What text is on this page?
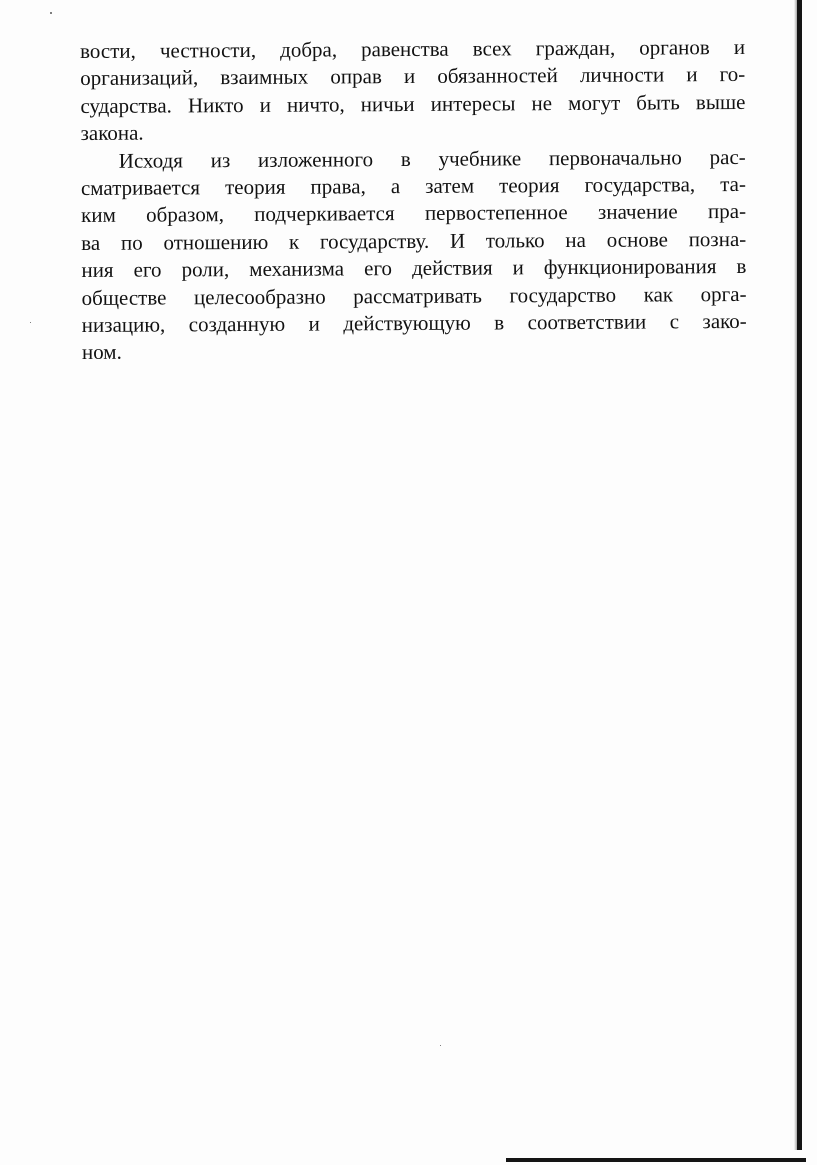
вости, честности, добра, равенства всех граждан, органов и
организаций, взаимных оправ и обязанностей личности и го-
сударства. Никто и ничто, ничьи интересы не могут быть выше
закона.

Исходя из изложенного в учебнике первоначально рас-
сматривается теория права, а затем теория государства, та-
ким образом, подчеркивается первостепенное значение пра-
ва по отношению к государству. И только на основе позна-
ния его роли, механизма его действия и функционирования в
обществе целесообразно рассматривать государство как орга-
низацию, созданную и действующую в соответствии с зако-
ном.
